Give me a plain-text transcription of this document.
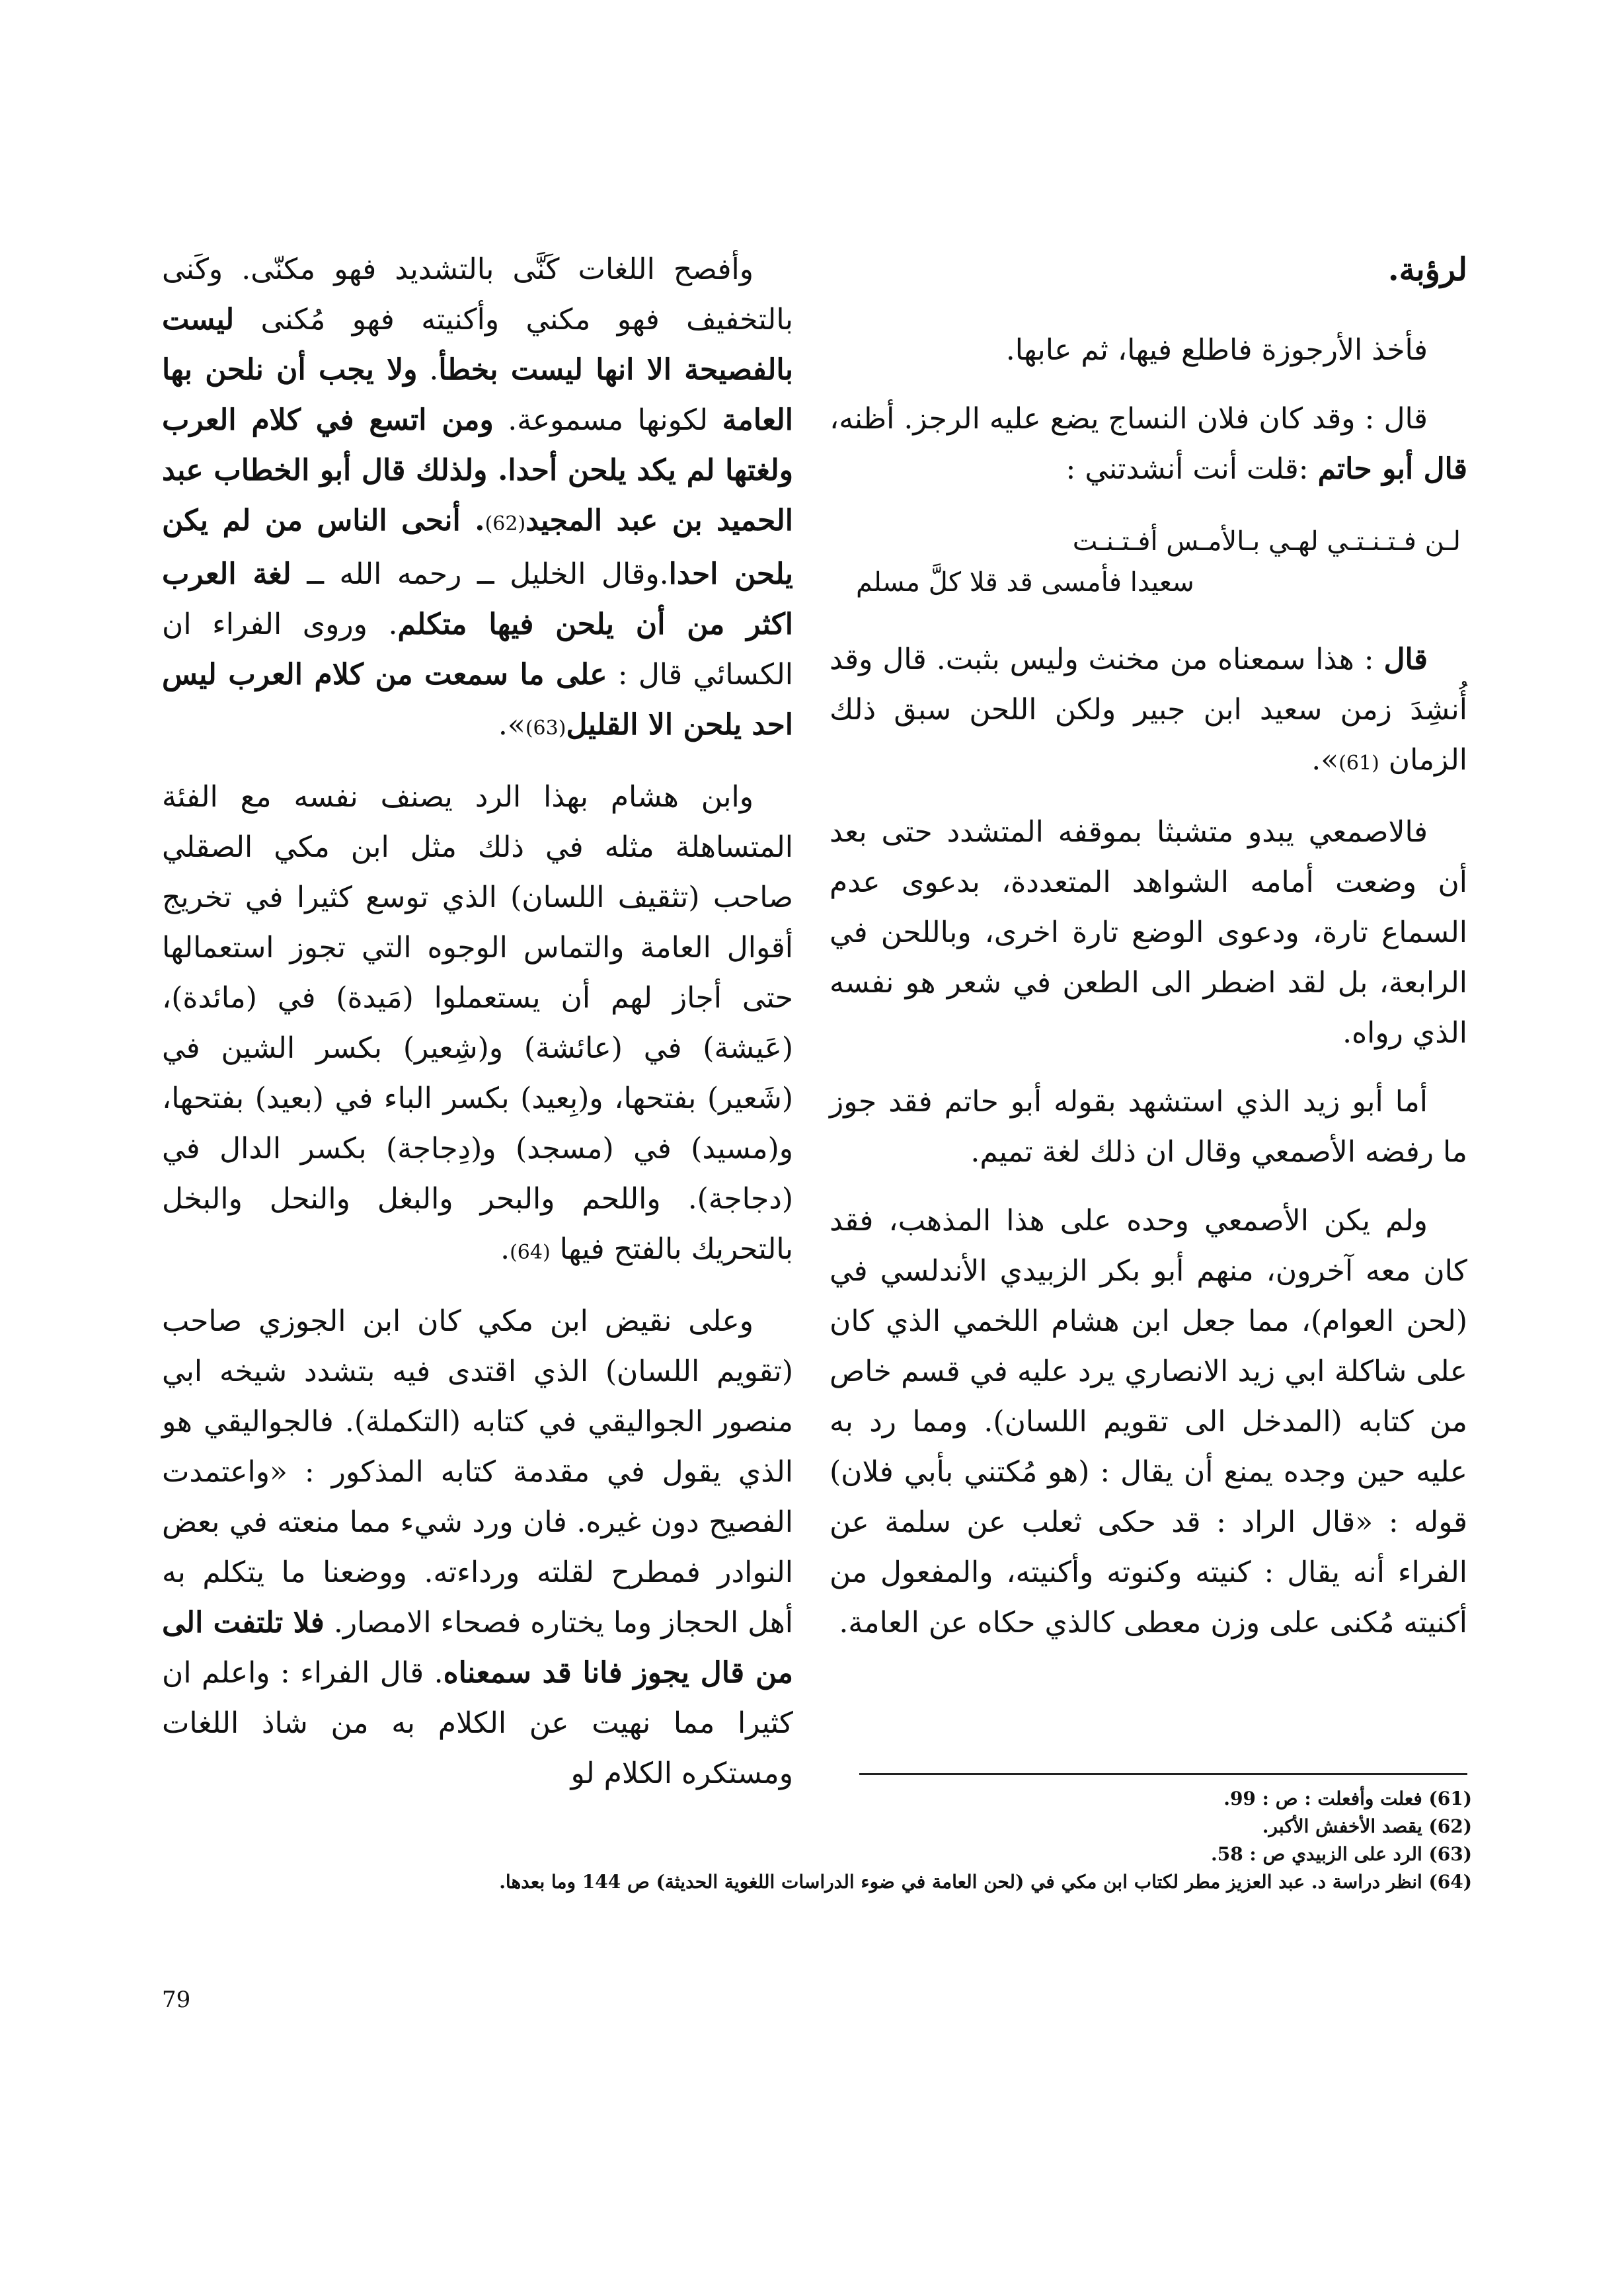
لرؤبة.

فأخذ الأرجوزة فاطلع فيها، ثم عابها.

قال : وقد كان فلان النساج يضع عليه الرجز. أظنه، قال أبو حاتم :قلت أنت أنشدتني :

لـن فـتـنـتـي لهـي بـالأمـس أفـتـنـت
سعيدا فأمسى قد قلا كلَّ مسلم

قال : هذا سمعناه من مخنث وليس بثبت. قال وقد أُنشِدَ زمن سعيد ابن جبير ولكن اللحن سبق ذلك الزمان (61)».

فالاصمعي يبدو متشبثا بموقفه المتشدد حتى بعد أن وضعت أمامه الشواهد المتعددة، بدعوى عدم السماع تارة، ودعوى الوضع تارة اخرى، وباللحن في الرابعة، بل لقد اضطر الى الطعن في شعر هو نفسه الذي رواه.

أما أبو زيد الذي استشهد بقوله أبو حاتم فقد جوز ما رفضه الأصمعي وقال ان ذلك لغة تميم.

ولم يكن الأصمعي وحده على هذا المذهب، فقد كان معه آخرون، منهم أبو بكر الزبيدي الأندلسي في (لحن العوام)، مما جعل ابن هشام اللخمي الذي كان على شاكلة ابي زيد الانصاري يرد عليه في قسم خاص من كتابه (المدخل الى تقويم اللسان). ومما رد به عليه حين وجده يمنع أن يقال : (هو مُكتني بأبي فلان) قوله : «قال الراد : قد حكى ثعلب عن سلمة عن الفراء أنه يقال : كنيته وكنوته وأكنيته، والمفعول من أكنيته مُكنى على وزن معطى كالذي حكاه عن العامة.

وأفصح اللغات كَنَّى بالتشديد فهو مكنّى. وكَنى بالتخفيف فهو مكني وأكنيته فهو مُكنى ليست بالفصيحة الا انها ليست بخطأ. ولا يجب أن نلحن بها العامة لكونها مسموعة. ومن اتسع في كلام العرب ولغتها لم يكد يلحن أحدا. ولذلك قال أبو الخطاب عبد الحميد بن عبد المجيد(62). أنحى الناس من لم يكن يلحن احدا.وقال الخليل ــ رحمه الله ــ لغة العرب اكثر من أن يلحن فيها متكلم. وروى الفراء ان الكسائي قال : على ما سمعت من كلام العرب ليس احد يلحن الا القليل(63)».

وابن هشام بهذا الرد يصنف نفسه مع الفئة المتساهلة مثله في ذلك مثل ابن مكي الصقلي صاحب (تثقيف اللسان) الذي توسع كثيرا في تخريج أقوال العامة والتماس الوجوه التي تجوز استعمالها حتى أجاز لهم أن يستعملوا (مَيدة) في (مائدة)،(عَيشة) في (عائشة) و(شِعير) بكسر الشين في (شَعير) بفتحها، و(بِعيد) بكسر الباء في (بعيد) بفتحها، و(مسيد) في (مسجد) و(دِجاجة) بكسر الدال في (دجاجة). واللحم والبحر والبغل والنحل والبخل بالتحريك بالفتح فيها (64).

وعلى نقيض ابن مكي كان ابن الجوزي صاحب (تقويم اللسان) الذي اقتدى فيه بتشدد شيخه ابي منصور الجواليقي في كتابه (التكملة). فالجواليقي هو الذي يقول في مقدمة كتابه المذكور : «واعتمدت الفصيح دون غيره. فان ورد شيء مما منعته في بعض النوادر فمطرح لقلته ورداءته. ووضعنا ما يتكلم به أهل الحجاز وما يختاره فصحاء الامصار. فلا تلتفت الى من قال يجوز فانا قد سمعناه. قال الفراء : واعلم ان كثيرا مما نهيت عن الكلام به من شاذ اللغات ومستكره الكلام لو

(61) فعلت وأفعلت : ص : 99.
(62) يقصد الأخفش الأكبر.
(63) الرد على الزبيدي ص : 58.
(64) انظر دراسة د. عبد العزيز مطر لكتاب ابن مكي في (لحن العامة في ضوء الدراسات اللغوية الحديثة) ص 144 وما بعدها.
79
